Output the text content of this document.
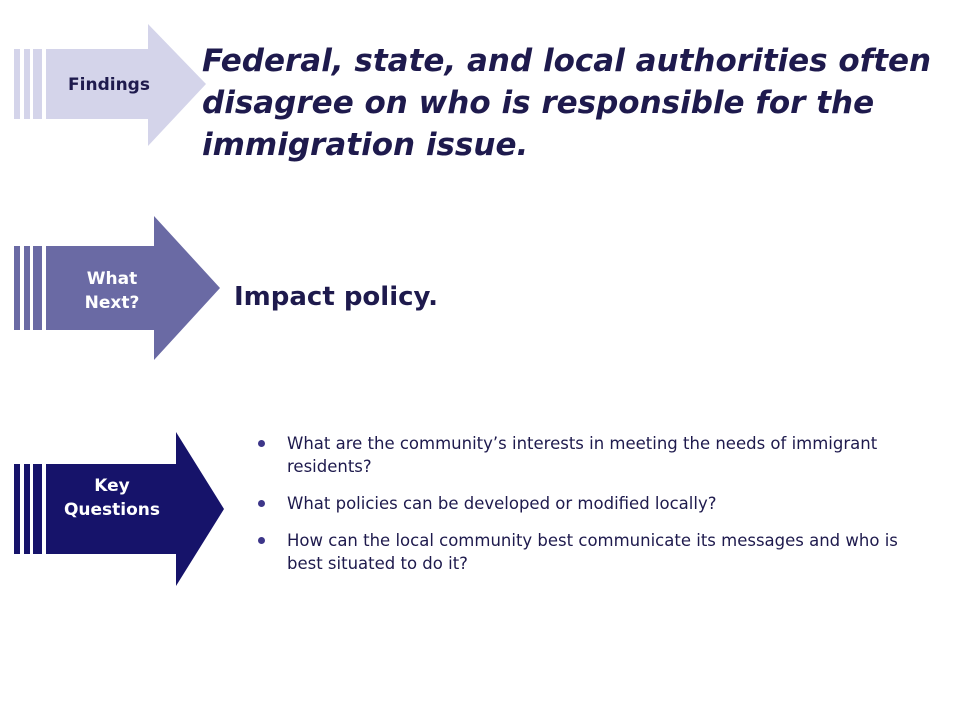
Findings
Federal, state, and local authorities often disagree on who is responsible for the immigration issue.
What
Next?	Impact policy.
Key
Questions
What are the community’s interests in meeting the needs of immigrant residents?
What policies can be developed or modified locally?
How can the local community best communicate its messages and who is best situated to do it?
